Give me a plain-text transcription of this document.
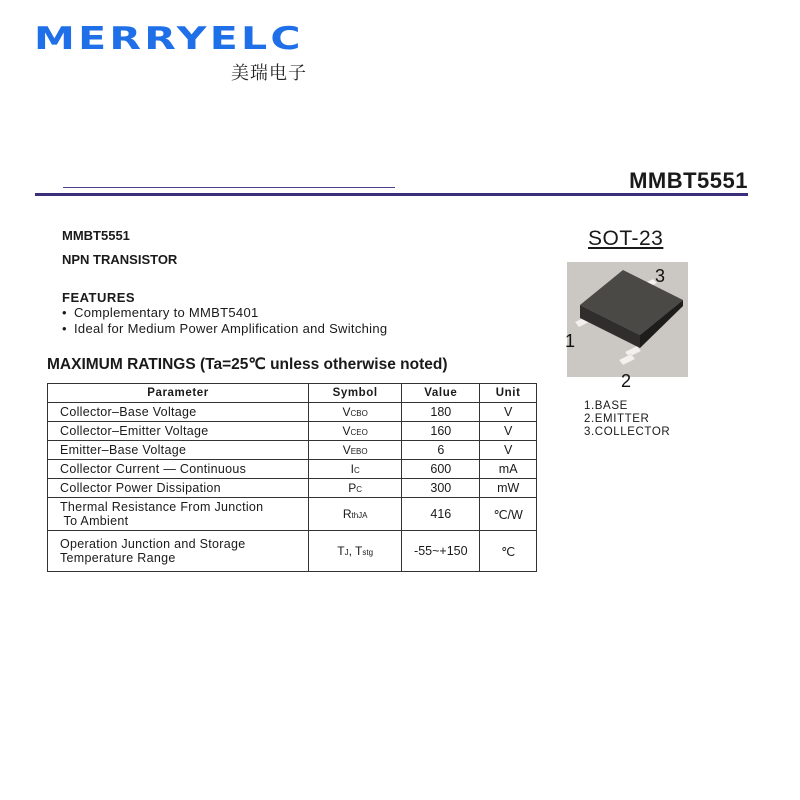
MERRYELC
美瑞电子
MMBT5551
MMBT5551
NPN TRANSISTOR
FEATURES
• Complementary to MMBT5401
• Ideal for Medium Power Amplification and Switching
MAXIMUM RATINGS (Ta=25℃ unless otherwise noted)
Parameter	Symbol	Value	Unit
Collector–Base Voltage	VCBO	180	V
Collector–Emitter Voltage	VCEO	160	V
Emitter–Base Voltage	VEBO	6	V
Collector Current — Continuous	IC	600	mA
Collector Power Dissipation	PC	300	mW

Thermal Resistance From Junction
To Ambient	RthJA	416	℃/W

Operation Junction and Storage
Temperature Range	TJ, Tstg	-55~+150	℃
SOT-23
3
1
2
1.BASE
2.EMITTER
3.COLLECTOR
